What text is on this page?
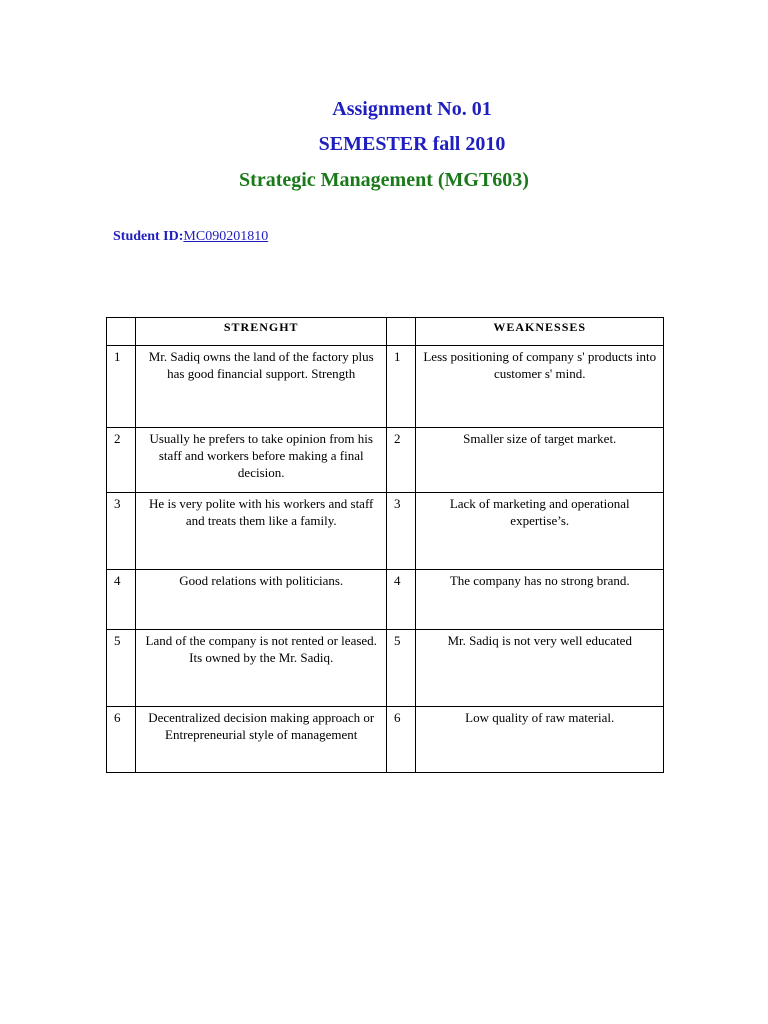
Assignment No. 01
SEMESTER fall 2010
Strategic Management (MGT603)
Student ID:MC090201810
	STRENGHT		WEAKNESSES
1	Mr. Sadiq owns the land of the factory plus has good financial support. Strength	1	Less positioning of company s' products into customer s' mind.
2	Usually he prefers to take opinion from his staff and workers before making a final decision.	2	Smaller size of target market.
3	He is very polite with his workers and staff and treats them like a family.	3	Lack of marketing and operational expertise’s.
4	Good relations with politicians.	4	The company has no strong brand.
5	Land of the company is not rented or leased. Its owned by the Mr. Sadiq.	5	Mr. Sadiq is not very well educated
6	Decentralized decision making approach or Entrepreneurial style of management	6	Low quality of raw material.
